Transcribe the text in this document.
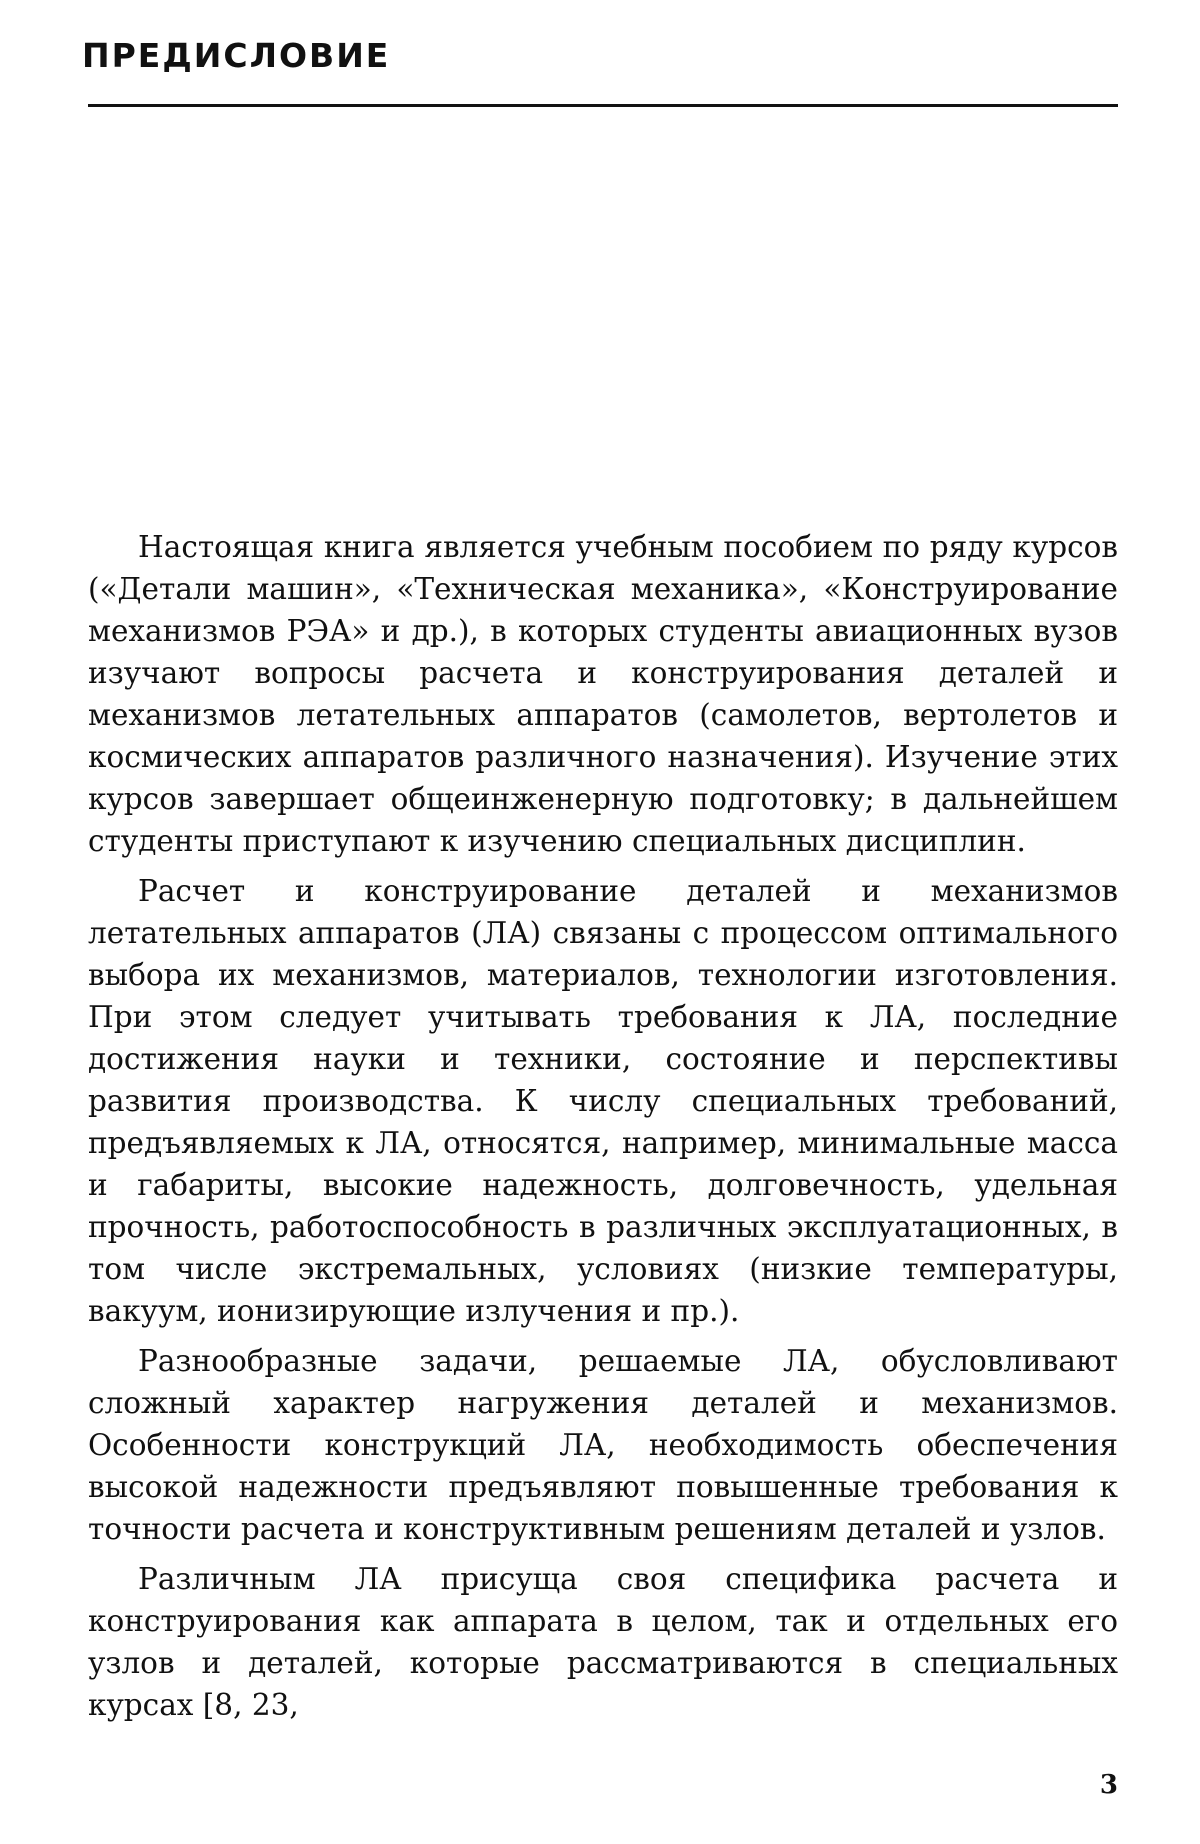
ПРЕДИСЛОВИЕ

Настоящая книга является учебным пособием по ряду курсов («Детали машин», «Техническая механика», «Конструирование механизмов РЭА» и др.), в которых студенты авиационных вузов изучают вопросы расчета и конструирования деталей и механизмов летательных аппаратов (самолетов, вертолетов и космических аппаратов различного назначения). Изучение этих курсов завершает общеинженерную подготовку; в дальнейшем студенты приступают к изучению специальных дисциплин.

Расчет и конструирование деталей и механизмов летательных аппаратов (ЛА) связаны с процессом оптимального выбора их механизмов, материалов, технологии изготовления. При этом следует учитывать требования к ЛА, последние достижения науки и техники, состояние и перспективы развития производства. К числу специальных требований, предъявляемых к ЛА, относятся, например, минимальные масса и габариты, высокие надежность, долговечность, удельная прочность, работоспособность в различных эксплуатационных, в том числе экстремальных, условиях (низкие температуры, вакуум, ионизирующие излучения и пр.).

Разнообразные задачи, решаемые ЛА, обусловливают сложный характер нагружения деталей и механизмов. Особенности конструкций ЛА, необходимость обеспечения высокой надежности предъявляют повышенные требования к точности расчета и конструктивным решениям деталей и узлов.

Различным ЛА присуща своя специфика расчета и конструирования как аппарата в целом, так и отдельных его узлов и деталей, которые рассматриваются в специальных курсах [8, 23,

3
